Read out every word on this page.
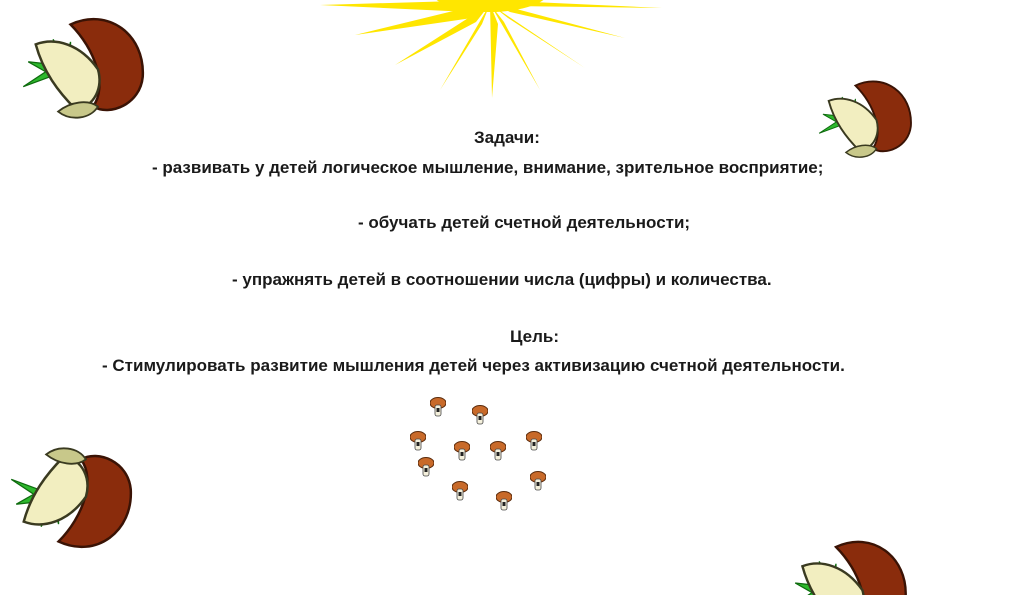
Задачи:
- развивать у детей логическое мышление, внимание, зрительное восприятие;
- обучать детей счетной деятельности;
- упражнять детей в соотношении числа (цифры) и количества.
Цель:
- Стимулировать развитие мышления детей через активизацию счетной деятельности.
